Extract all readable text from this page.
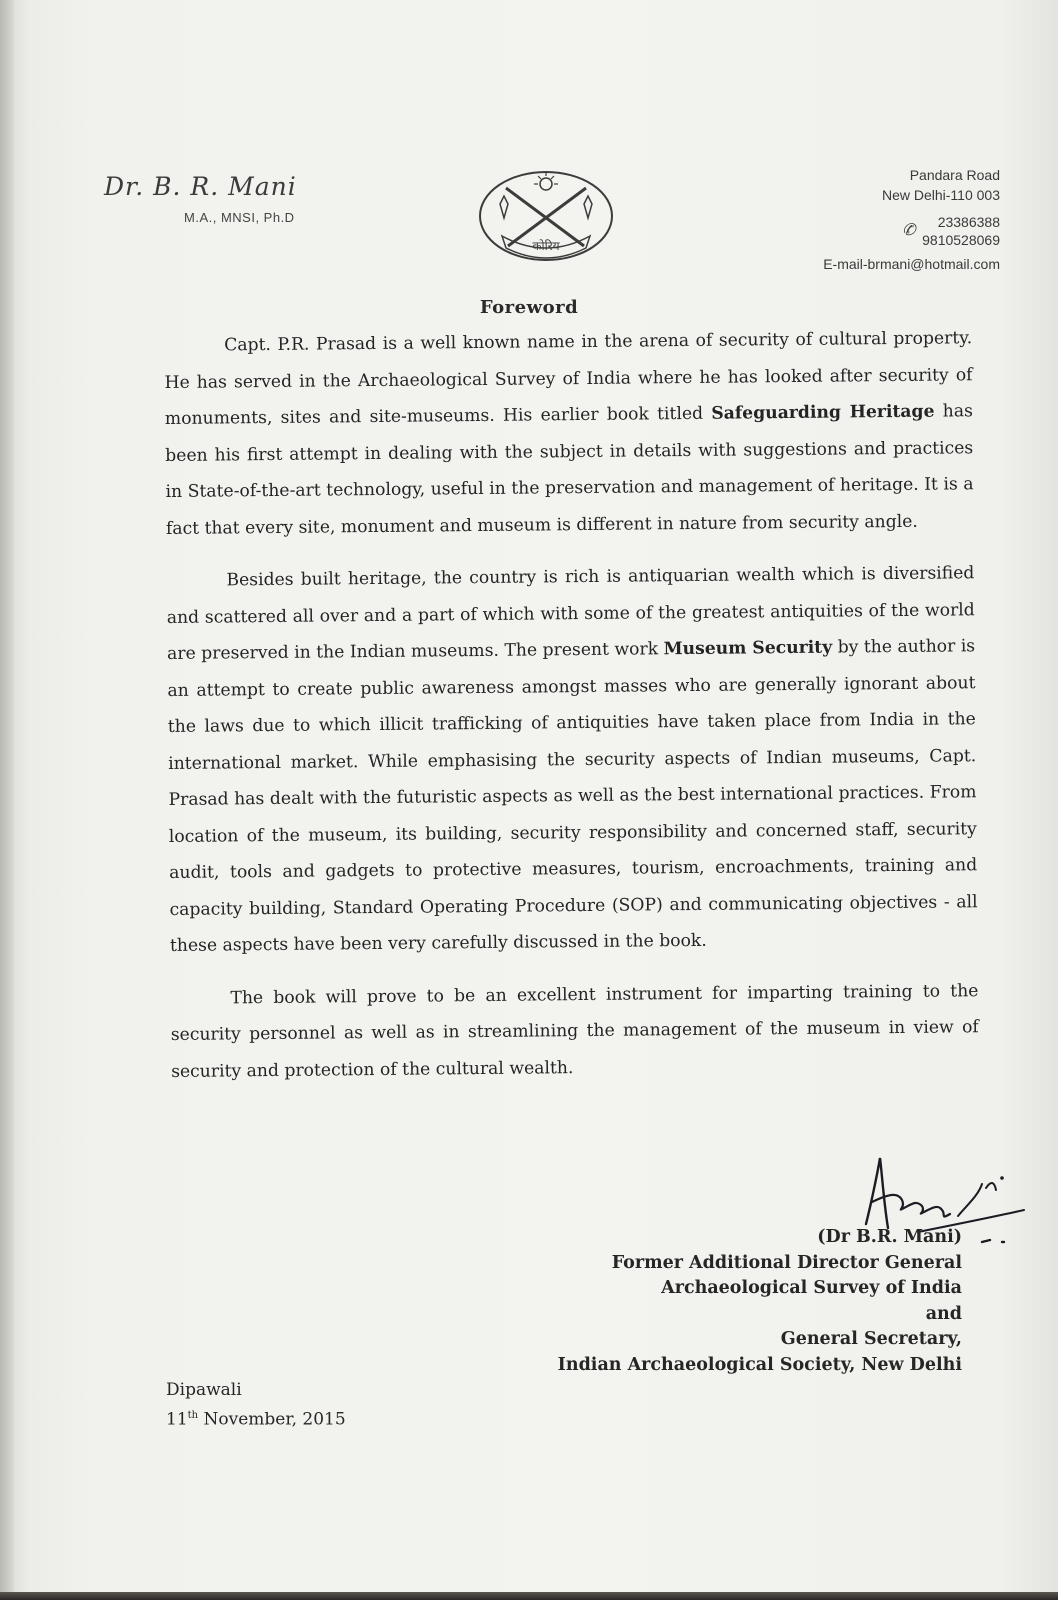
Dr. B. R. Mani
M.A., MNSI, Ph.D
कोरिय
Pandara Road
New Delhi-110 003
✆	23386388
9810528069
E-mail-brmani@hotmail.com
Foreword

Capt. P.R. Prasad is a well known name in the arena of security of cultural property. He has served in the Archaeological Survey of India where he has looked after security of monuments, sites and site-museums. His earlier book titled Safeguarding Heritage has been his first attempt in dealing with the subject in details with suggestions and practices in State-of-the-art technology, useful in the preservation and management of heritage. It is a fact that every site, monument and museum is different in nature from security angle.

Besides built heritage, the country is rich is antiquarian wealth which is diversified and scattered all over and a part of which with some of the greatest antiquities of the world are preserved in the Indian museums. The present work Museum Security by the author is an attempt to create public awareness amongst masses who are generally ignorant about the laws due to which illicit trafficking of antiquities have taken place from India in the international market. While emphasising the security aspects of Indian museums, Capt. Prasad has dealt with the futuristic aspects as well as the best international practices. From location of the museum, its building, security responsibility and concerned staff, security audit, tools and gadgets to protective measures, tourism, encroachments, training and capacity building, Standard Operating Procedure (SOP) and communicating objectives - all these aspects have been very carefully discussed in the book.

The book will prove to be an excellent instrument for imparting training to the security personnel as well as in streamlining the management of the museum in view of security and protection of the cultural wealth.

(Dr B.R. Mani)
Former Additional Director General
Archaeological Survey of India
and
General Secretary,
Indian Archaeological Society, New Delhi
Dipawali
11th November, 2015
